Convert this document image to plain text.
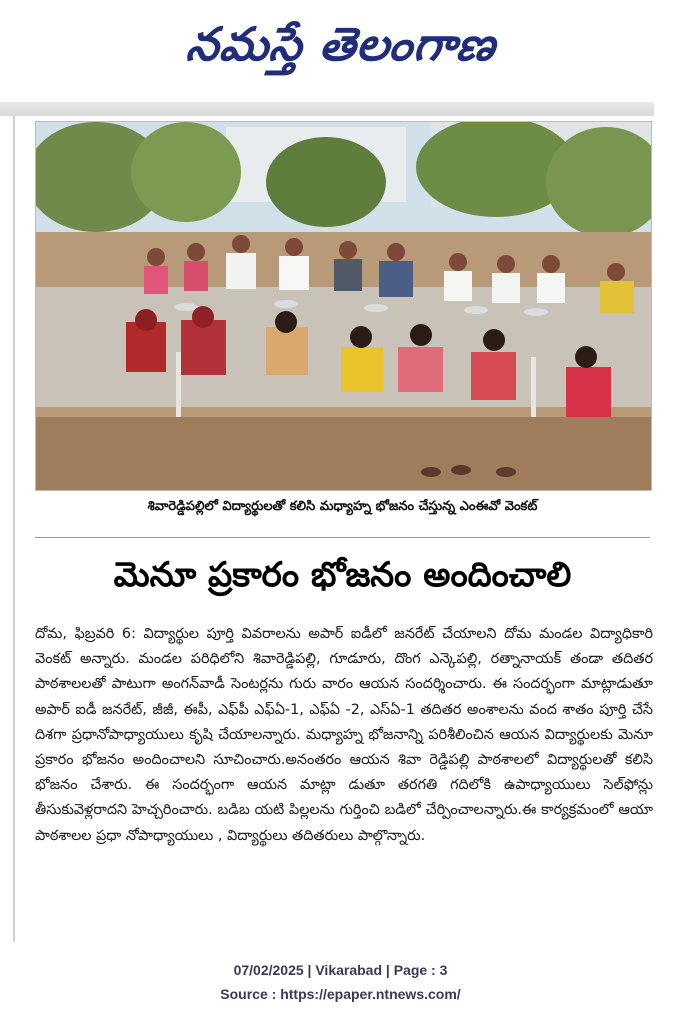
నమస్తే తెలంగాణ
శివారెడ్డిపల్లిలో విద్యార్థులతో కలిసి మధ్యాహ్న భోజనం చేస్తున్న ఎంఈవో వెంకట్
మెనూ ప్రకారం భోజనం అందించాలి

దోమ, ఫిబ్రవరి 6: విద్యార్థుల పూర్తి వివరాలను అపార్ ఐడీలో జనరేట్ చేయాలని దోమ మండల విద్యాధికారి వెంకట్ అన్నారు. మండల పరిధిలోని శివారెడ్డిపల్లి, గూడూరు, దొంగ ఎన్కెపల్లి, రత్నానాయక్ తండా తదితర పాఠశాలలతో పాటుగా అంగన్‌వాడీ సెంటర్లను గురు వారం ఆయన సందర్శించారు. ఈ సందర్భంగా మాట్లాడుతూ అపార్ ఐడీ జనరేట్, జీజీ, ఈపీ, ఎఫ్‌పీ ఎఫ్ఏ-1, ఎఫ్ఏ -2, ఎస్ఏ-1 తదితర అంశాలను వంద శాతం పూర్తి చేసే దిశగా ప్రధానోపాధ్యాయులు కృషి చేయాలన్నారు. మధ్యాహ్న భోజనాన్ని పరిశీలించిన ఆయన విద్యార్థులకు మెనూ ప్రకారం భోజనం అందించాలని సూచించారు.అనంతరం ఆయన శివా రెడ్డిపల్లి పాఠశాలలో విద్యార్థులతో కలిసి భోజనం చేశారు. ఈ సందర్భంగా ఆయన మాట్లా డుతూ తరగతి గదిలోకి ఉపాధ్యాయులు సెల్‌ఫోన్లు తీసుకువెళ్లరాదని హెచ్చరించారు. బడిబ యటి పిల్లలను గుర్తించి బడిలో చేర్పించాలన్నారు.ఈ కార్యక్రమంలో ఆయా పాఠశాలల ప్రధా నోపాధ్యాయులు , విద్యార్థులు తదితరులు పాల్గొన్నారు.

07/02/2025 | Vikarabad | Page : 3
Source : https://epaper.ntnews.com/
